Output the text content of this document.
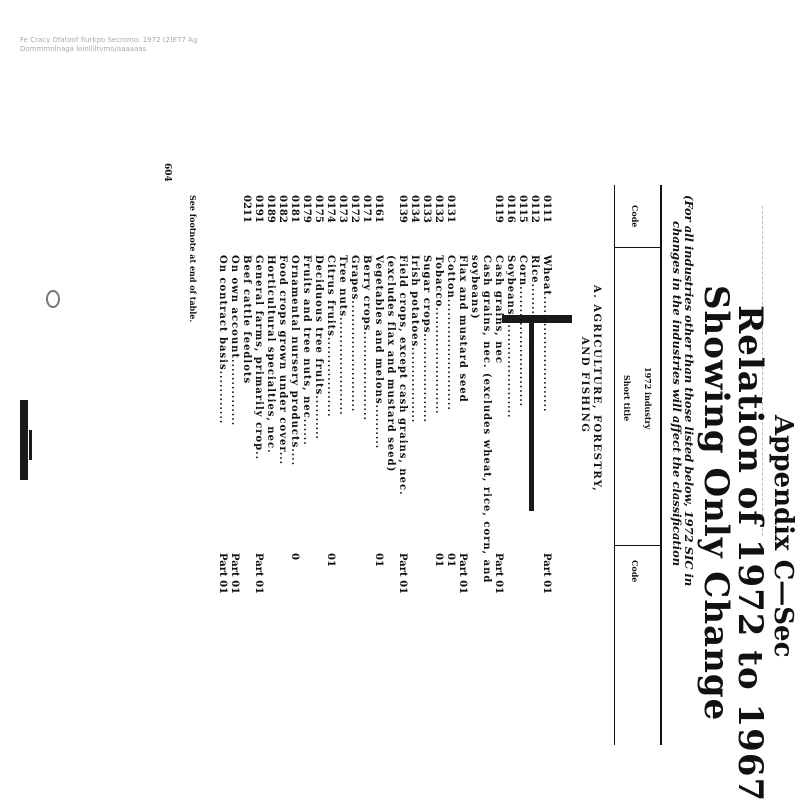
Fe Cracy Ofatoof fiurkpo Secromo: 1972 (2)ET7 Ag
Dommmnlnaga loinlllltvmo/aaaaaas
Appendix C—Sec
Relation of 1972 to 1967
Showing Only Change
(For all industries other than those listed below, 1972 SIC in
changes in the industries will affect the classification
Code
1972 industry
Short title
Code
A. AGRICULTURE, FORESTRY,
AND FISHING
0111
Wheat..........................
Part 01
0112
Rice...........................
0115
Corn...........................
0116
Soybeans.......................
0119
Cash grains, nec
Part 01
Cash grains, nec. (excludes wheat, rice, corn, and
soybeans)
Flax and mustard seed
Part 01
0131
Cotton.........................
01
0132
Tobacco........................
01
0133
Sugar crops....................
0134
Irish potatoes.................
0139
Field crops, except cash grains, nec.
Part 01
(excludes flax and mustard seed)
0161
Vegetables and melons..........
01
0171
Berry crops....................
0172
Grapes.........................
0173
Tree nuts......................
0174
Citrus fruits..................
01
0175
Deciduous tree fruits..........
0179
Fruits and tree nuts, nec......
0181
Ornamental nursery products....
0
0182
Food crops grown under cover...
0189
Horticultural specialties, nec.
0191
General farms, primarily crop..
Part 01
0211
Beef cattle feedlots
On own account...............
Part 01
On contract basis............
Part 01
See footnote at end of table.
604
